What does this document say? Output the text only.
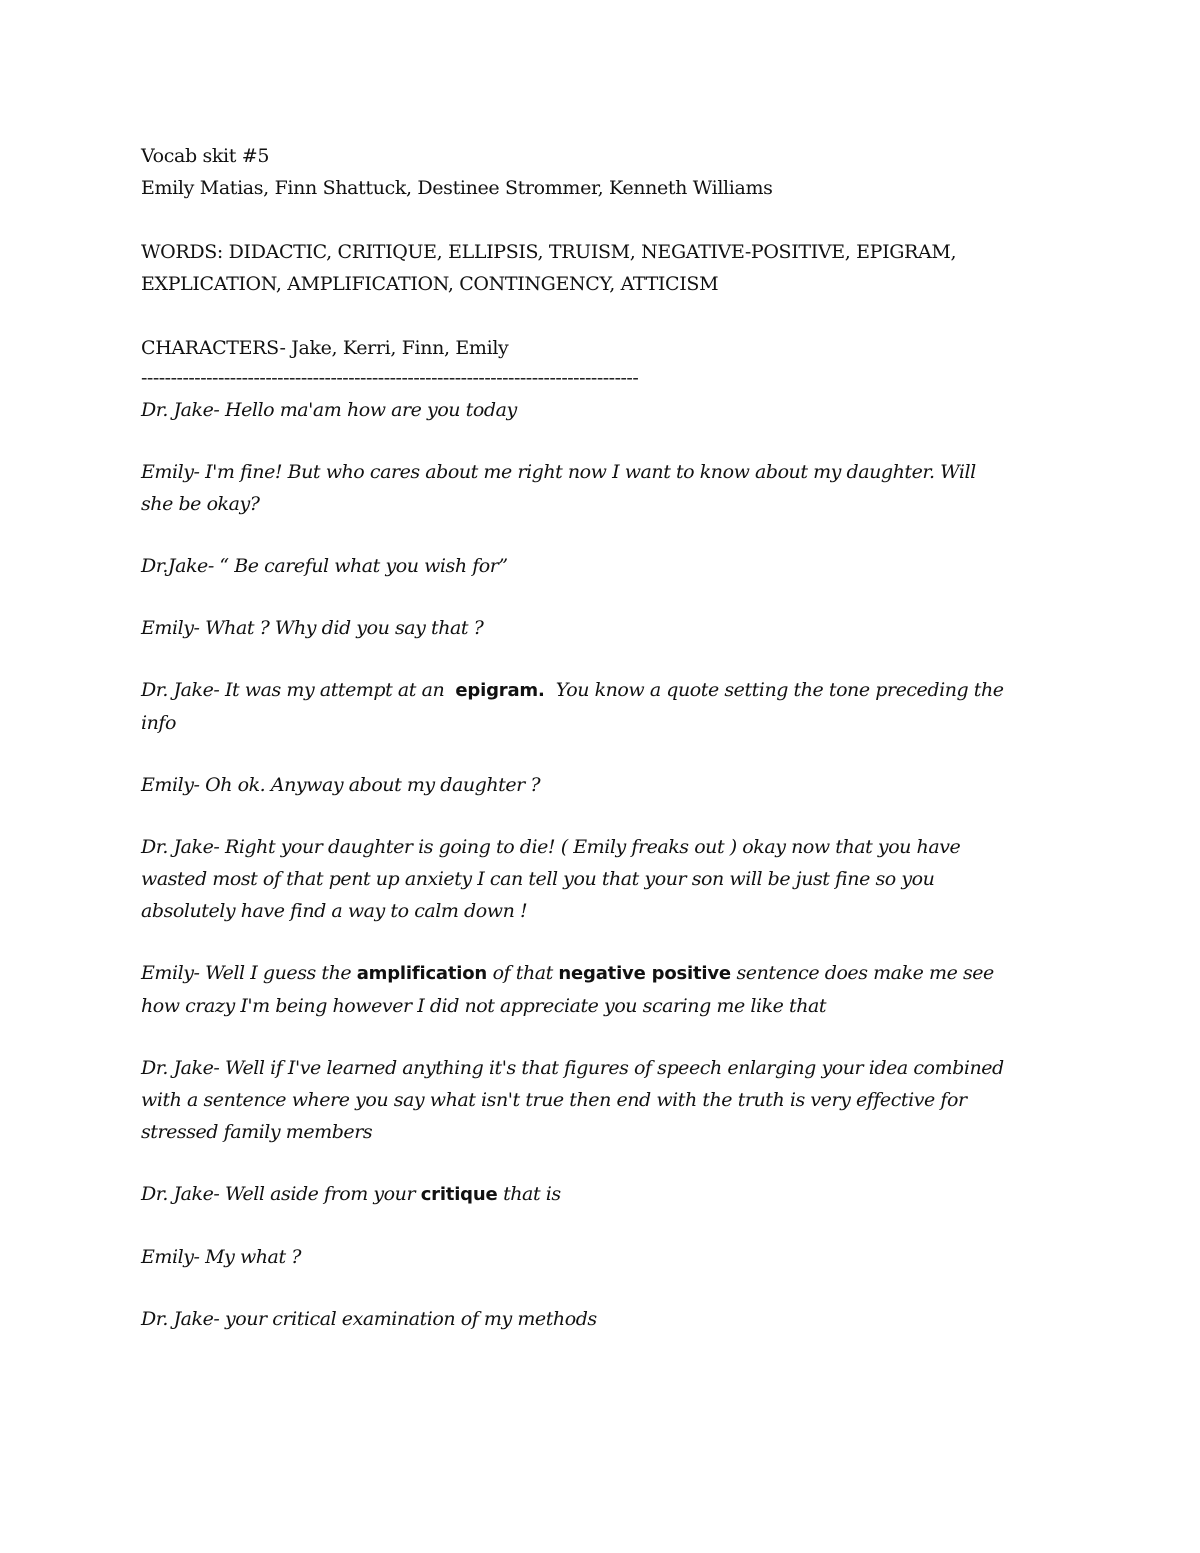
Vocab skit #5
Emily Matias, Finn Shattuck, Destinee Strommer, Kenneth Williams
WORDS: DIDACTIC, CRITIQUE, ELLIPSIS, TRUISM, NEGATIVE-POSITIVE, EPIGRAM,
EXPLICATION, AMPLIFICATION, CONTINGENCY, ATTICISM
CHARACTERS- Jake, Kerri, Finn, Emily
------------------------------------------------------------------------------------

Dr. Jake- Hello ma'am how are you today

Emily- I'm fine! But who cares about me right now I want to know about my daughter. Will

she be okay?

Dr.Jake- “ Be careful what you wish for”

Emily- What ? Why did you say that ?

Dr. Jake- It was my attempt at an  epigram.  You know a quote setting the tone preceding the

info

Emily- Oh ok. Anyway about my daughter ?

Dr. Jake- Right your daughter is going to die! ( Emily freaks out ) okay now that you have

wasted most of that pent up anxiety I can tell you that your son will be just fine so you

absolutely have find a way to calm down !

Emily- Well I guess the amplification of that negative positive sentence does make me see

how crazy I'm being however I did not appreciate you scaring me like that

Dr. Jake- Well if I've learned anything it's that figures of speech enlarging your idea combined

with a sentence where you say what isn't true then end with the truth is very effective for

stressed family members

Dr. Jake- Well aside from your critique that is

Emily- My what ?

Dr. Jake- your critical examination of my methods
